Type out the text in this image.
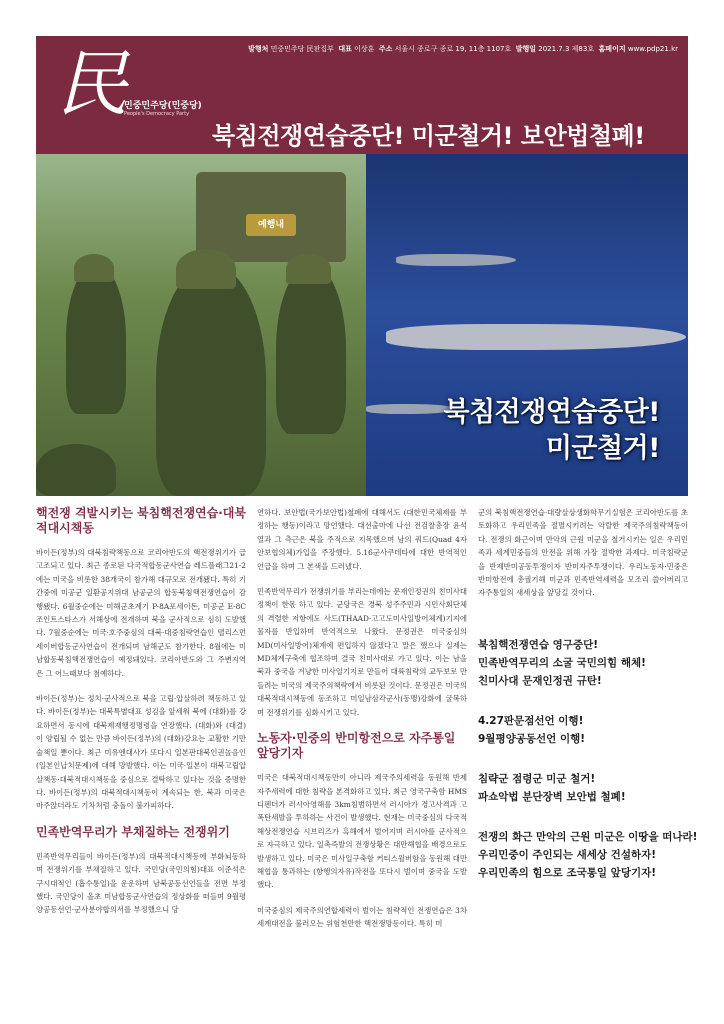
발행처 민중민주당 民판집부 대표 이상훈 주소 서울시 종로구 종로 19, 11층 1107호 발행일 2021.7.3 제83호 홈페이지 www.pdp21.kr
民
민중민주당(민중당)
People's Democracy Party
북침전쟁연습중단! 미군철거! 보안법철폐!
예행내
북침전쟁연습중단!
미군철거!
핵전쟁 격발시키는 북침핵전쟁연습·대북적대시책동

바이든(정부)의 대북침략책동으로 코리아반도의 핵전쟁위기가 급고조되고 있다. 최근 종로된 다국적합동군사연습 레드플래그21-2에는 미국을 비롯한 38개국이 참가해 대규모로 전개됐다. 특히 기간중에 미공군 일환공지위대 남공군의 합동북침핵전쟁연습이 감행됐다. 6월중순에는 미해군초계기 P-8A포세이돈, 미공군 E-8C조인트스타스가 서해상에 전개하며 북을 군사적으로 심히 도발했다. 7월중순에는 미국·호주중심의 대북·대중침략연습인 탤리스먼세이버합동군사연습이 전개되며 남해군도 참가한다. 8월에는 미남합동북침핵전쟁연습이 예정돼있다. 코리아반도와 그 주변지역은 그 어느때보다 첨예하다.

바이든(정부)는 정치·군사적으로 북을 고립·압살하려 책동하고 있다. 바이든(정부)는 대북특별대표 성김을 앞세워 북에 (대화)를 강요하면서 동시에 대북제재행정명령을 연장했다. (대화)와 (대결)이 양립될 수 없는 만큼 바이든(정부)의 (대화)강요는 교활한 기만술책일 뿐이다. 최근 미유엔대사가 또다시 일본판대북인권놀음인 (일본인납치문제)에 대해 망발했다. 이는 미국·일본이 대북고립압살책동·대북적대시책동을 중심으로 결탁하고 있다는 것을 증명한다. 바이든(정부)의 대북적대시책동이 계속되는 한, 북과 미국은 마주앉더라도 기차처럼 충돌이 불가피하다.

민족반역무리가 부채질하는 전쟁위기

민족반역무리들이 바이든(정부)의 대북적대시책동에 부화뇌동하며 전쟁위기를 부채질하고 있다. 국민당(국민의힘)대표 이준석은 구시대적인 (흡수통일)을 운운하며 남북공동선언들을 전면 부정했다. 국민당이 올초 미남합동군사연습의 정상화를 떠들며 9월평양공동선언·군사분야합의서를 부정했으니 당

연하다. 보안법(국가보안법)철폐에 대해서도 (대한민국체제를 부정하는 행동)이라고 망언했다. 대선출마에 나선 전검찰총장 윤석열과 그 측근은 북을 주적으로 지목했으며 남의 쿼드(Quad 4자안보협의체)가입을 주장했다. 5.16군사쿠데타에 대한 반역적인 언급을 하며 그 본색을 드러냈다.

민족반역무리가 전쟁위기를 부리는데에는 문재인정권의 친미사대정책이 한몫 하고 있다. 군당국은 경북 성주주민과 시민사회단체의 격렬한 저항에도 사드(THAAD·고고도미사일방어체계)기지에 물자를 반입하며 반역적으로 나왔다. 문정권은 미국중심의 MD(미사일방어)체계에 편입하지 않겠다고 말은 했으나 실제는 MD체계구축에 협조하며 결국 친미사대로 가고 있다. 이는 남을 북과 중국을 겨냥한 미사일기지로 만들어 대륙침략의 교두보로 만들려는 미국의 제국주의책략에서 비롯된 것이다. 문정권은 미국의 대북적대시책동에 동조하고 미일남삼각군사(동맹)강화에 굴복하며 전쟁위기를 심화시키고 있다.

노동자·민중의 반미항전으로 자주통일 앞당기자

미국은 대북적대시책동만이 아니라 제국주의세력을 동원해 반제자주세력에 대한 침략을 본격화하고 있다. 최근 영국구축함 HMS디펜더가 러시아영해를 3km침범하면서 러시아가 경고사격과 고폭탄세발을 투하하는 사건이 발생했다. 현재는 미국중심의 다국적해상전쟁연습 시브리즈가 흑해에서 벌어지며 러시아를 군사적으로 자극하고 있다. 일촉즉발의 전쟁상황은 대만해협을 배경으로도 발생하고 있다. 미국은 미사일구축함 커티스윌버함을 동원해 대만해협을 통과하는 (항행의자유)작전을 또다시 벌이며 중국을 도발했다.

미국중심의 제국주의연합세력이 벌이는 침략적인 전쟁연습은 3차세계대전을 불러오는 위험천만한 핵전쟁망동이다. 특히 미

군의 북침핵전쟁연습·대량살상생화학무기실험은 코리아반도를 초토화하고 우리민족을 절멸시키려는 악랄한 제국주의침략책동이다. 전쟁의 화근이며 만악의 근원 미군을 철거시키는 일은 우리민족과 세계민중들의 안전을 위해 가장 절박한 과제다. 미국침략군을 반제반미공동투쟁이자 반미자주투쟁이다. 우리노동자·민중은 반미항전에 총궐기해 미군과 민족반역세력을 모조리 쓸어버리고 자주통일의 새세상을 앞당길 것이다.

북침핵전쟁연습 영구중단!
민족반역무리의 소굴 국민의힘 해체!
친미사대 문재인정권 규탄!
4.27판문점선언 이행!
9월평양공동선언 이행!
침략군 점령군 미군 철거!
파쇼악법 분단장벽 보안법 철폐!
전쟁의 화근 만악의 근원 미군은 이땅을 떠나라!
우리민중이 주인되는 새세상 건설하자!
우리민족의 힘으로 조국통일 앞당기자!
